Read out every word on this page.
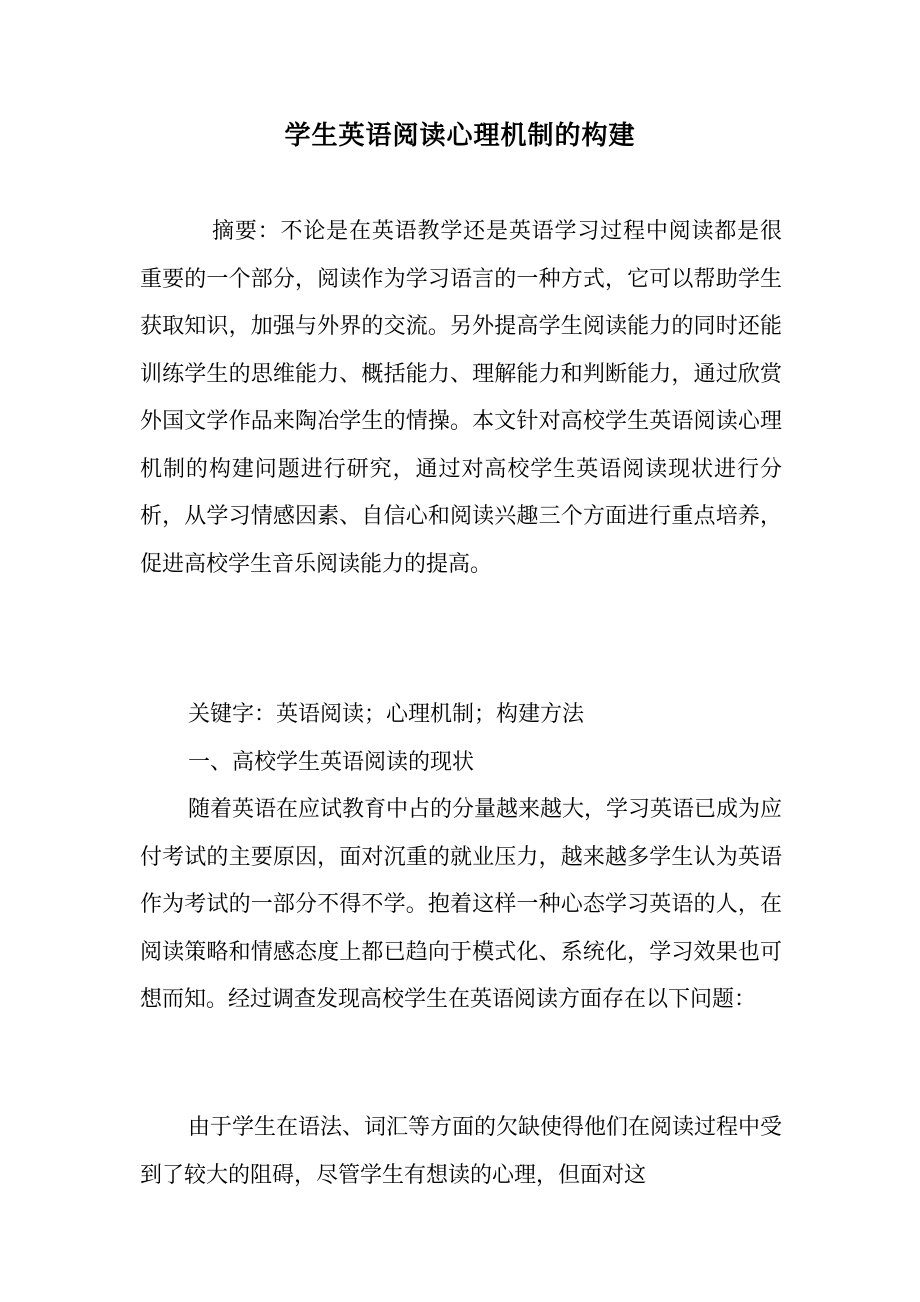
学生英语阅读心理机制的构建

摘要：不论是在英语教学还是英语学习过程中阅读都是很重要的一个部分，阅读作为学习语言的一种方式，它可以帮助学生获取知识，加强与外界的交流。另外提高学生阅读能力的同时还能训练学生的思维能力、概括能力、理解能力和判断能力，通过欣赏外国文学作品来陶冶学生的情操。本文针对高校学生英语阅读心理机制的构建问题进行研究，通过对高校学生英语阅读现状进行分析，从学习情感因素、自信心和阅读兴趣三个方面进行重点培养，促进高校学生音乐阅读能力的提高。

关键字：英语阅读；心理机制；构建方法

一、高校学生英语阅读的现状

随着英语在应试教育中占的分量越来越大，学习英语已成为应付考试的主要原因，面对沉重的就业压力，越来越多学生认为英语作为考试的一部分不得不学。抱着这样一种心态学习英语的人，在阅读策略和情感态度上都已趋向于模式化、系统化，学习效果也可想而知。经过调查发现高校学生在英语阅读方面存在以下问题：

由于学生在语法、词汇等方面的欠缺使得他们在阅读过程中受到了较大的阻碍，尽管学生有想读的心理，但面对这
